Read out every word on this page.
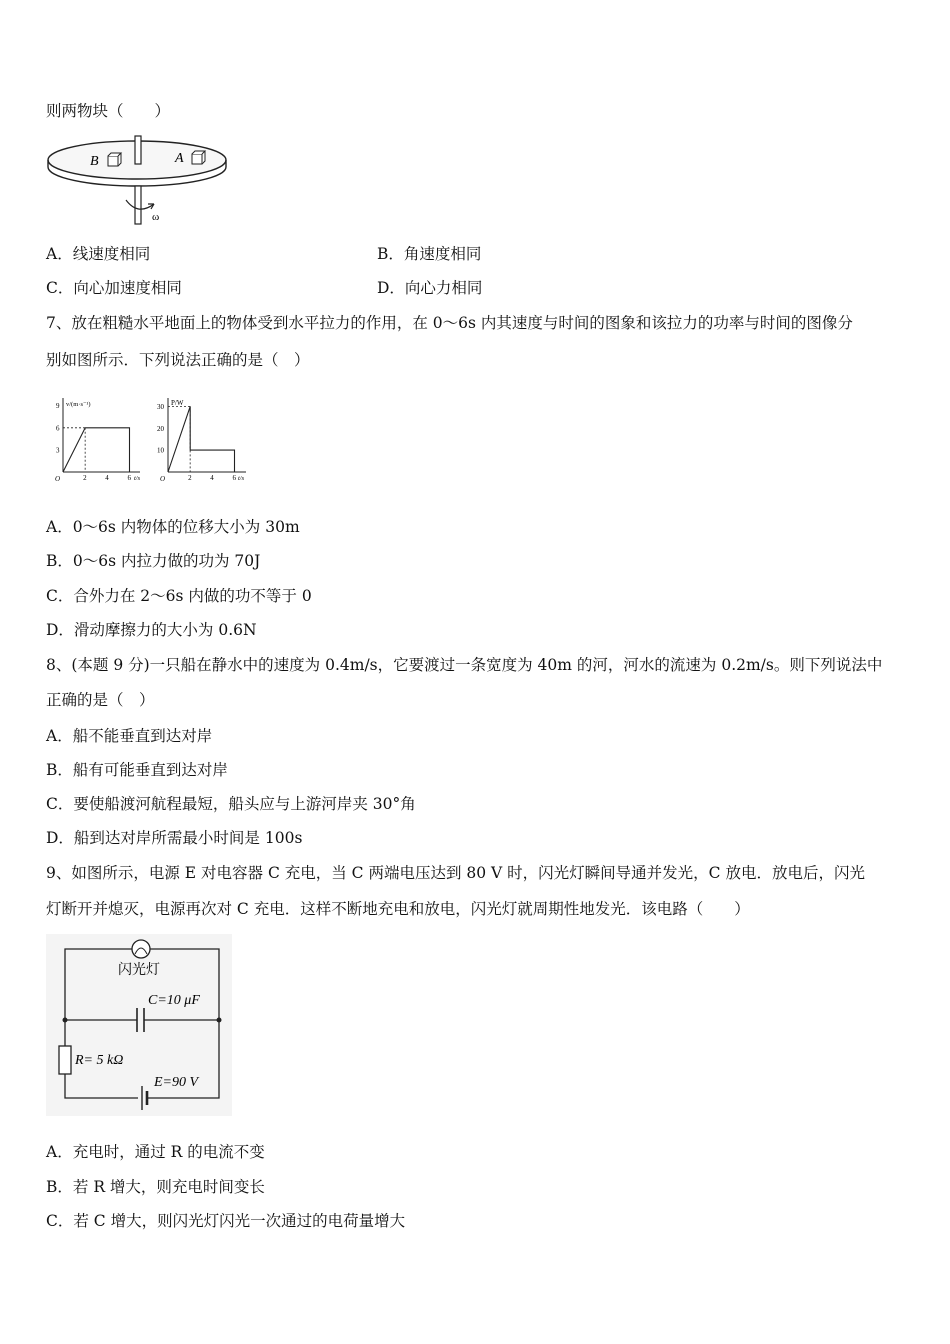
则两物块（　　）
B	A
ω
A．线速度相同	B．角速度相同
C．向心加速度相同	D．向心力相同
7、放在粗糙水平地面上的物体受到水平拉力的作用，在 0～6s 内其速度与时间的图象和该拉力的功率与时间的图像分
别如图所示．下列说法正确的是（　）
v/(m·s⁻¹)
t/s
O	2	4	6
3
6
9	P/W
t/s
O	2	4	6
10
20
30
A．0～6s 内物体的位移大小为 30m
B．0～6s 内拉力做的功为 70J
C．合外力在 2～6s 内做的功不等于 0
D．滑动摩擦力的大小为 0.6N
8、(本题 9 分)一只船在静水中的速度为 0.4m/s，它要渡过一条宽度为 40m 的河，河水的流速为 0.2m/s。则下列说法中
正确的是（　）
A．船不能垂直到达对岸
B．船有可能垂直到达对岸
C．要使船渡河航程最短，船头应与上游河岸夹 30°角
D．船到达对岸所需最小时间是 100s
9、如图所示，电源 E 对电容器 C 充电，当 C 两端电压达到 80 V 时，闪光灯瞬间导通并发光，C 放电．放电后，闪光
灯断开并熄灭，电源再次对 C 充电．这样不断地充电和放电，闪光灯就周期性地发光．该电路（　　）
闪光灯
C=10 μF
R= 5 kΩ
E=90 V
A．充电时，通过 R 的电流不变
B．若 R 增大，则充电时间变长
C．若 C 增大，则闪光灯闪光一次通过的电荷量增大
